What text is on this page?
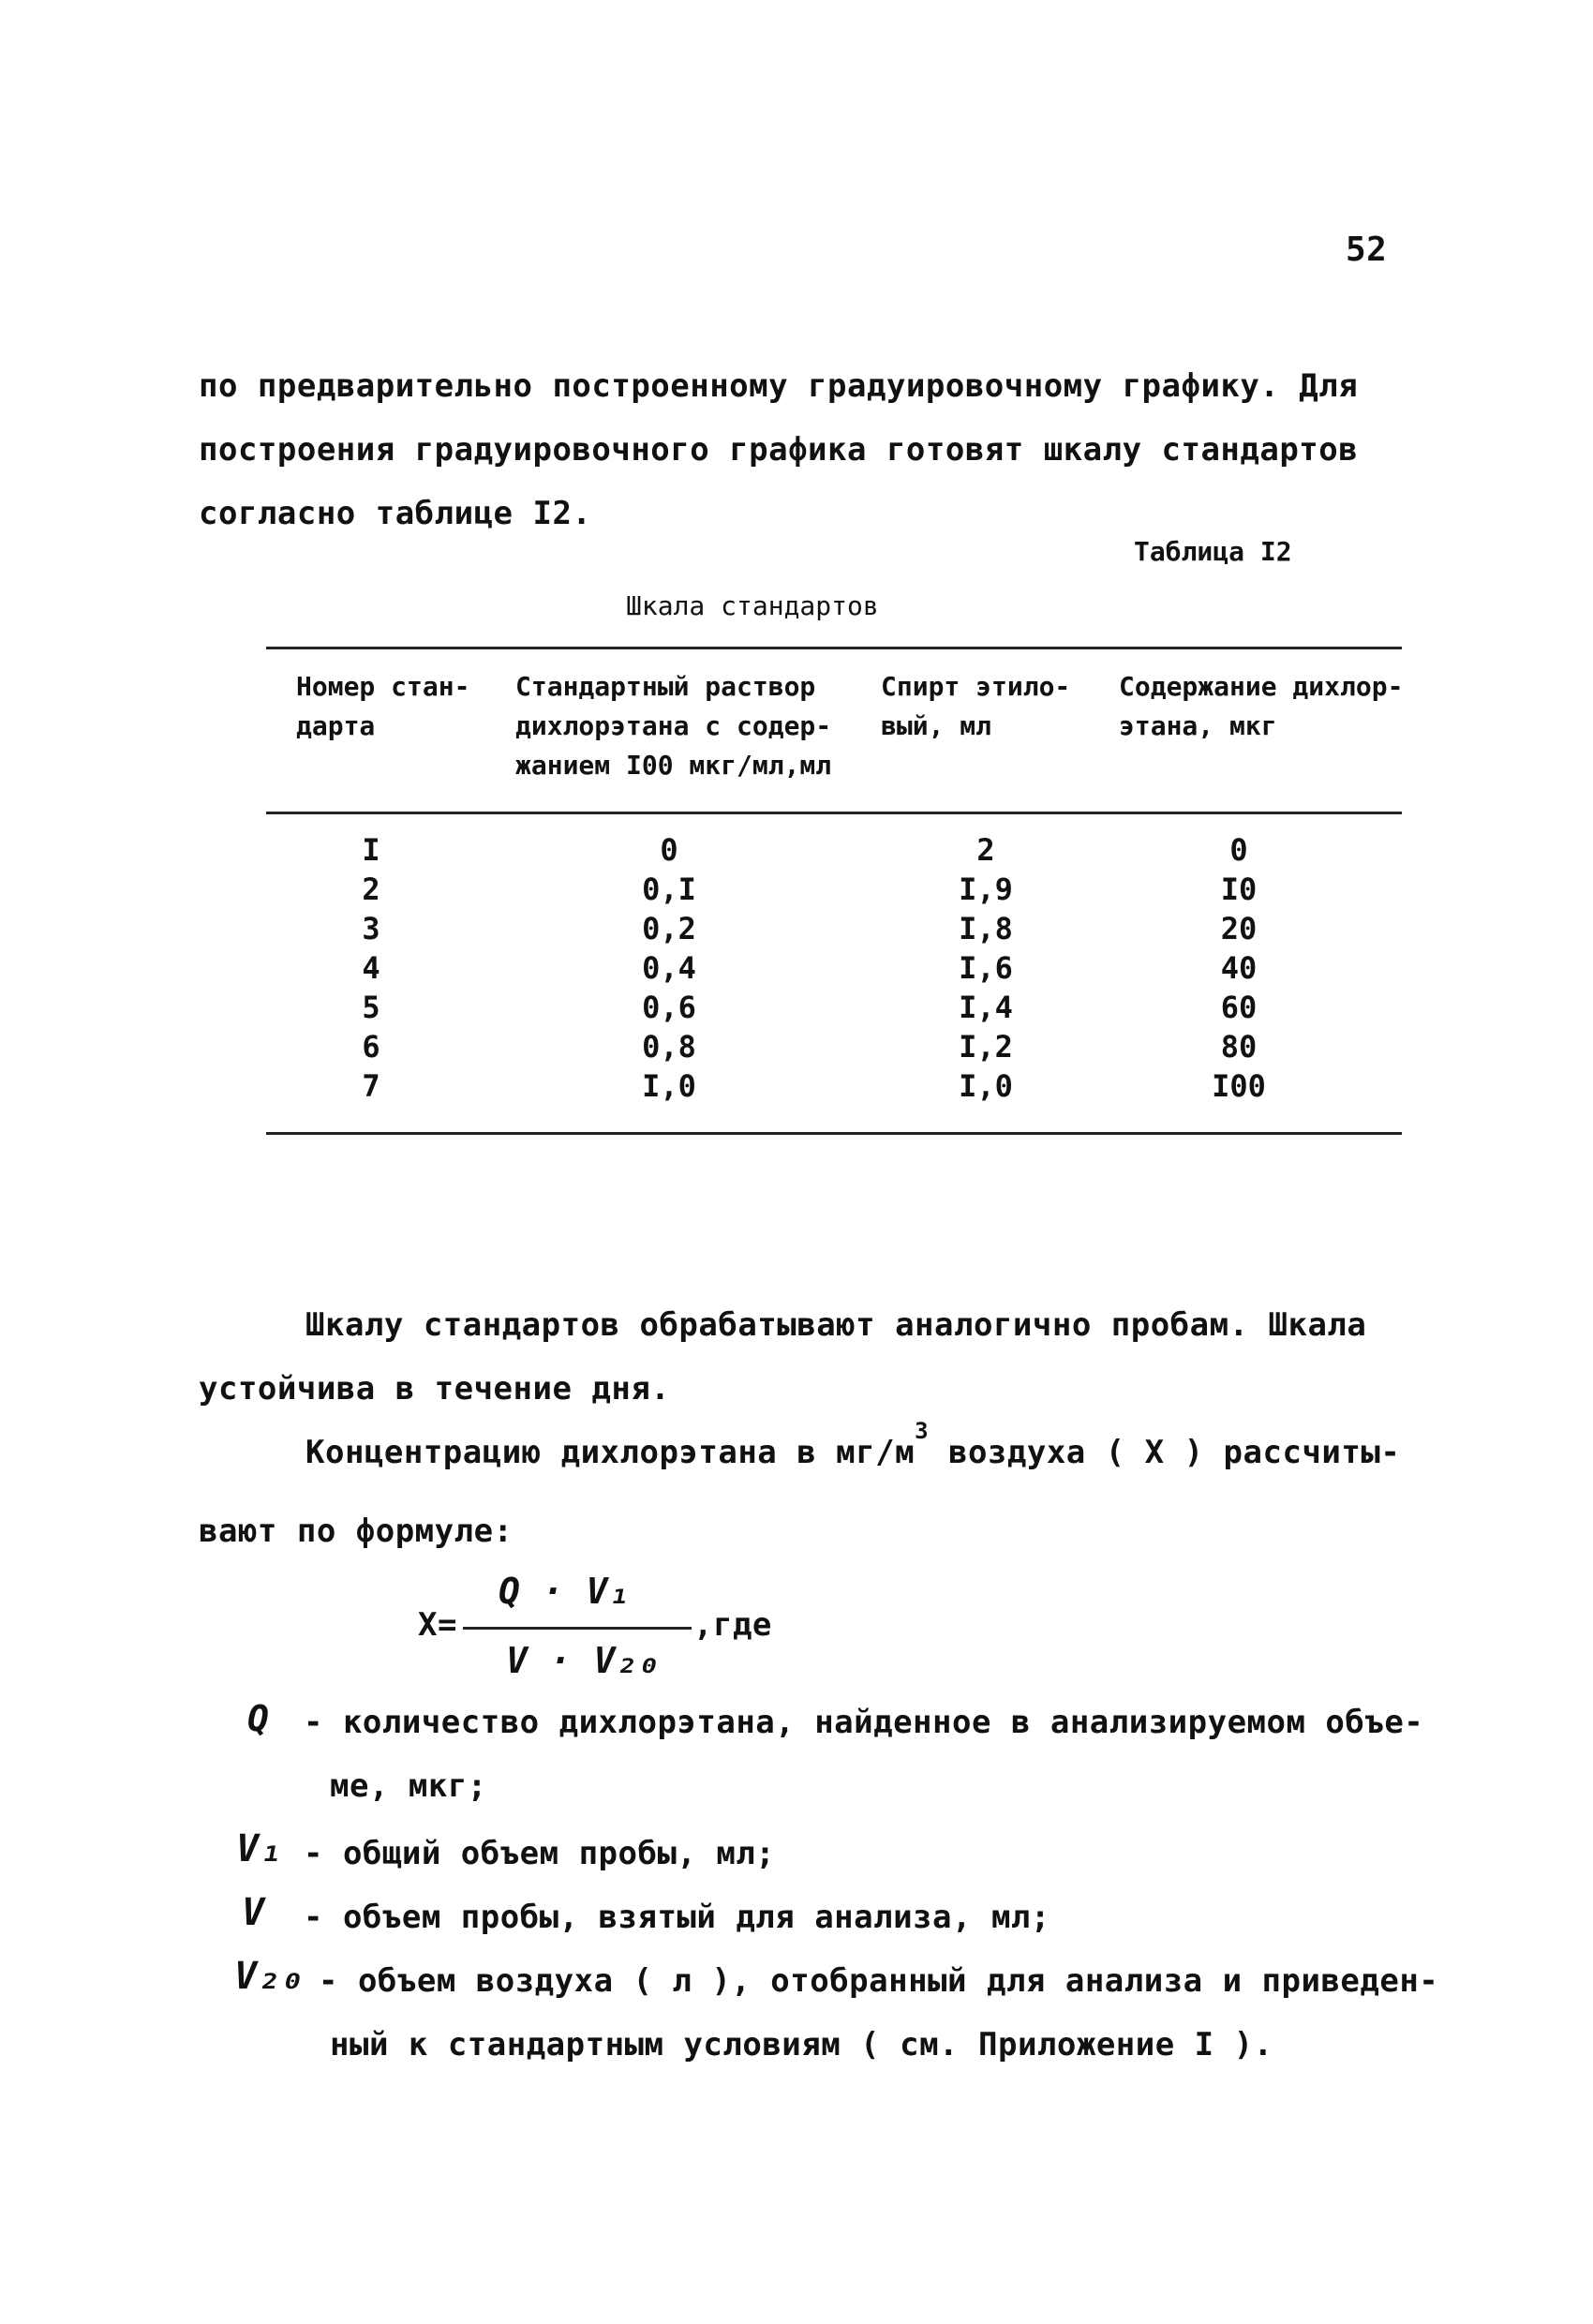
52
по предварительно построенному градуировочному графику. Для
построения градуировочного графика готовят шкалу стандартов
согласно таблице I2.
Таблица I2
Шкала стандартов
Номер стан-
дарта
Стандартный раствор
дихлорэтана с содер-
жанием I00 мкг/мл,мл
Спирт этило-
вый, мл
Содержание дихлор-
этана, мкг
I	0	2	0
2	0,I	I,9	I0
3	0,2	I,8	20
4	0,4	I,6	40
5	0,6	I,4	60
6	0,8	I,2	80
7	I,0	I,0	I00
Шкалу стандартов обрабатывают аналогично пробам. Шкала
устойчива в течение дня.
Концентрацию дихлорэтана в $мг/м^3$ воздуха ( X ) рассчиты-
вают по формуле:
X=
Q · V₁
V · V₂₀
,где
Q - количество дихлорэтана, найденное в анализируемом объе-
ме, мкг;
V₁ - общий объем пробы, мл;
V - объем пробы, взятый для анализа, мл;
V₂₀ - объем воздуха ( л ), отобранный для анализа и приведен-
ный к стандартным условиям ( см. Приложение I ).
